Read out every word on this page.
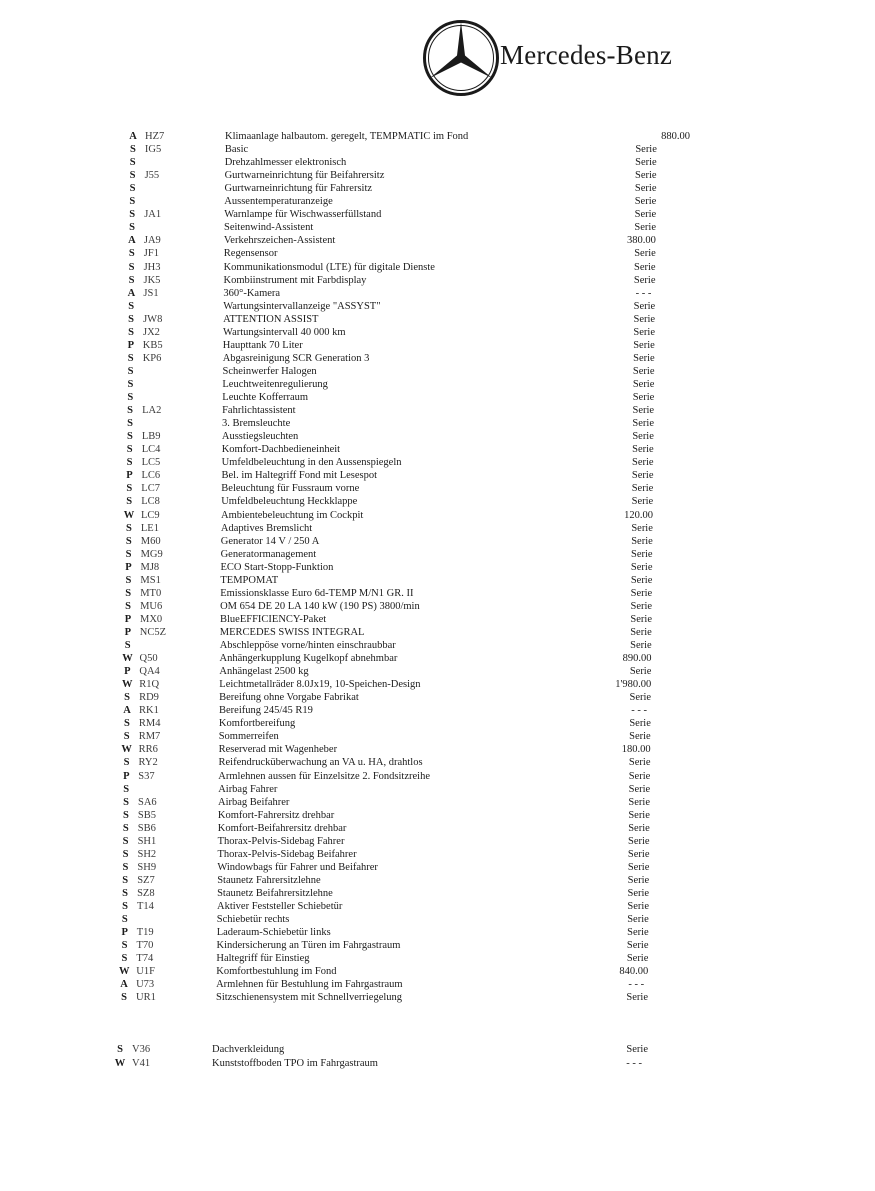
Mercedes-Benz
A HZ7	Klimaanlage halbautom. geregelt, TEMPMATIC im Fond	880.00
S IG5	Basic	Serie
S	Drehzahlmesser elektronisch	Serie
S J55	Gurtwarneinrichtung für Beifahrersitz	Serie
S	Gurtwarneinrichtung für Fahrersitz	Serie
S	Aussentemperaturanzeige	Serie
S JA1	Warnlampe für Wischwasserfüllstand	Serie
S	Seitenwind-Assistent	Serie
A JA9	Verkehrszeichen-Assistent	380.00
S JF1	Regensensor	Serie
S JH3	Kommunikationsmodul (LTE) für digitale Dienste	Serie
S JK5	Kombiinstrument mit Farbdisplay	Serie
A JS1	360°-Kamera	- - -
S	Wartungsintervallanzeige "ASSYST"	Serie
S JW8	ATTENTION ASSIST	Serie
S JX2	Wartungsintervall 40 000 km	Serie
P KB5	Haupttank 70 Liter	Serie
S KP6	Abgasreinigung SCR Generation 3	Serie
S	Scheinwerfer Halogen	Serie
S	Leuchtweitenregulierung	Serie
S	Leuchte Kofferraum	Serie
S LA2	Fahrlichtassistent	Serie
S	3. Bremsleuchte	Serie
S LB9	Ausstiegsleuchten	Serie
S LC4	Komfort-Dachbedieneinheit	Serie
S LC5	Umfeldbeleuchtung in den Aussenspiegeln	Serie
P LC6	Bel. im Haltegriff Fond mit Lesespot	Serie
S LC7	Beleuchtung für Fussraum vorne	Serie
S LC8	Umfeldbeleuchtung Heckklappe	Serie
W LC9	Ambientebeleuchtung im Cockpit	120.00
S LE1	Adaptives Bremslicht	Serie
S M60	Generator 14 V / 250 A	Serie
S MG9	Generatormanagement	Serie
P MJ8	ECO Start-Stopp-Funktion	Serie
S MS1	TEMPOMAT	Serie
S MT0	Emissionsklasse Euro 6d-TEMP M/N1 GR. II	Serie
S MU6	OM 654 DE 20 LA 140 kW (190 PS) 3800/min	Serie
P MX0	BlueEFFICIENCY-Paket	Serie
P NC5Z	MERCEDES SWISS INTEGRAL	Serie
S	Abschleppöse vorne/hinten einschraubbar	Serie
W Q50	Anhängerkupplung Kugelkopf abnehmbar	890.00
P QA4	Anhängelast 2500 kg	Serie
W R1Q	Leichtmetallräder 8.0Jx19, 10-Speichen-Design	1'980.00
S RD9	Bereifung ohne Vorgabe Fabrikat	Serie
A RK1	Bereifung 245/45 R19	- - -
S RM4	Komfortbereifung	Serie
S RM7	Sommerreifen	Serie
W RR6	Reserverad mit Wagenheber	180.00
S RY2	Reifendrucküberwachung an VA u. HA, drahtlos	Serie
P S37	Armlehnen aussen für Einzelsitze 2. Fondsitzreihe	Serie
S	Airbag Fahrer	Serie
S SA6	Airbag Beifahrer	Serie
S SB5	Komfort-Fahrersitz drehbar	Serie
S SB6	Komfort-Beifahrersitz drehbar	Serie
S SH1	Thorax-Pelvis-Sidebag Fahrer	Serie
S SH2	Thorax-Pelvis-Sidebag Beifahrer	Serie
S SH9	Windowbags für Fahrer und Beifahrer	Serie
S SZ7	Staunetz Fahrersitzlehne	Serie
S SZ8	Staunetz Beifahrersitzlehne	Serie
S T14	Aktiver Feststeller Schiebetür	Serie
S	Schiebetür rechts	Serie
P T19	Laderaum-Schiebetür links	Serie
S T70	Kindersicherung an Türen im Fahrgastraum	Serie
S T74	Haltegriff für Einstieg	Serie
W U1F	Komfortbestuhlung im Fond	840.00
A U73	Armlehnen für Bestuhlung im Fahrgastraum	- - -
S UR1	Sitzschienensystem mit Schnellverriegelung	Serie
S V36	Dachverkleidung	Serie
W V41	Kunststoffboden TPO im Fahrgastraum	- - -
